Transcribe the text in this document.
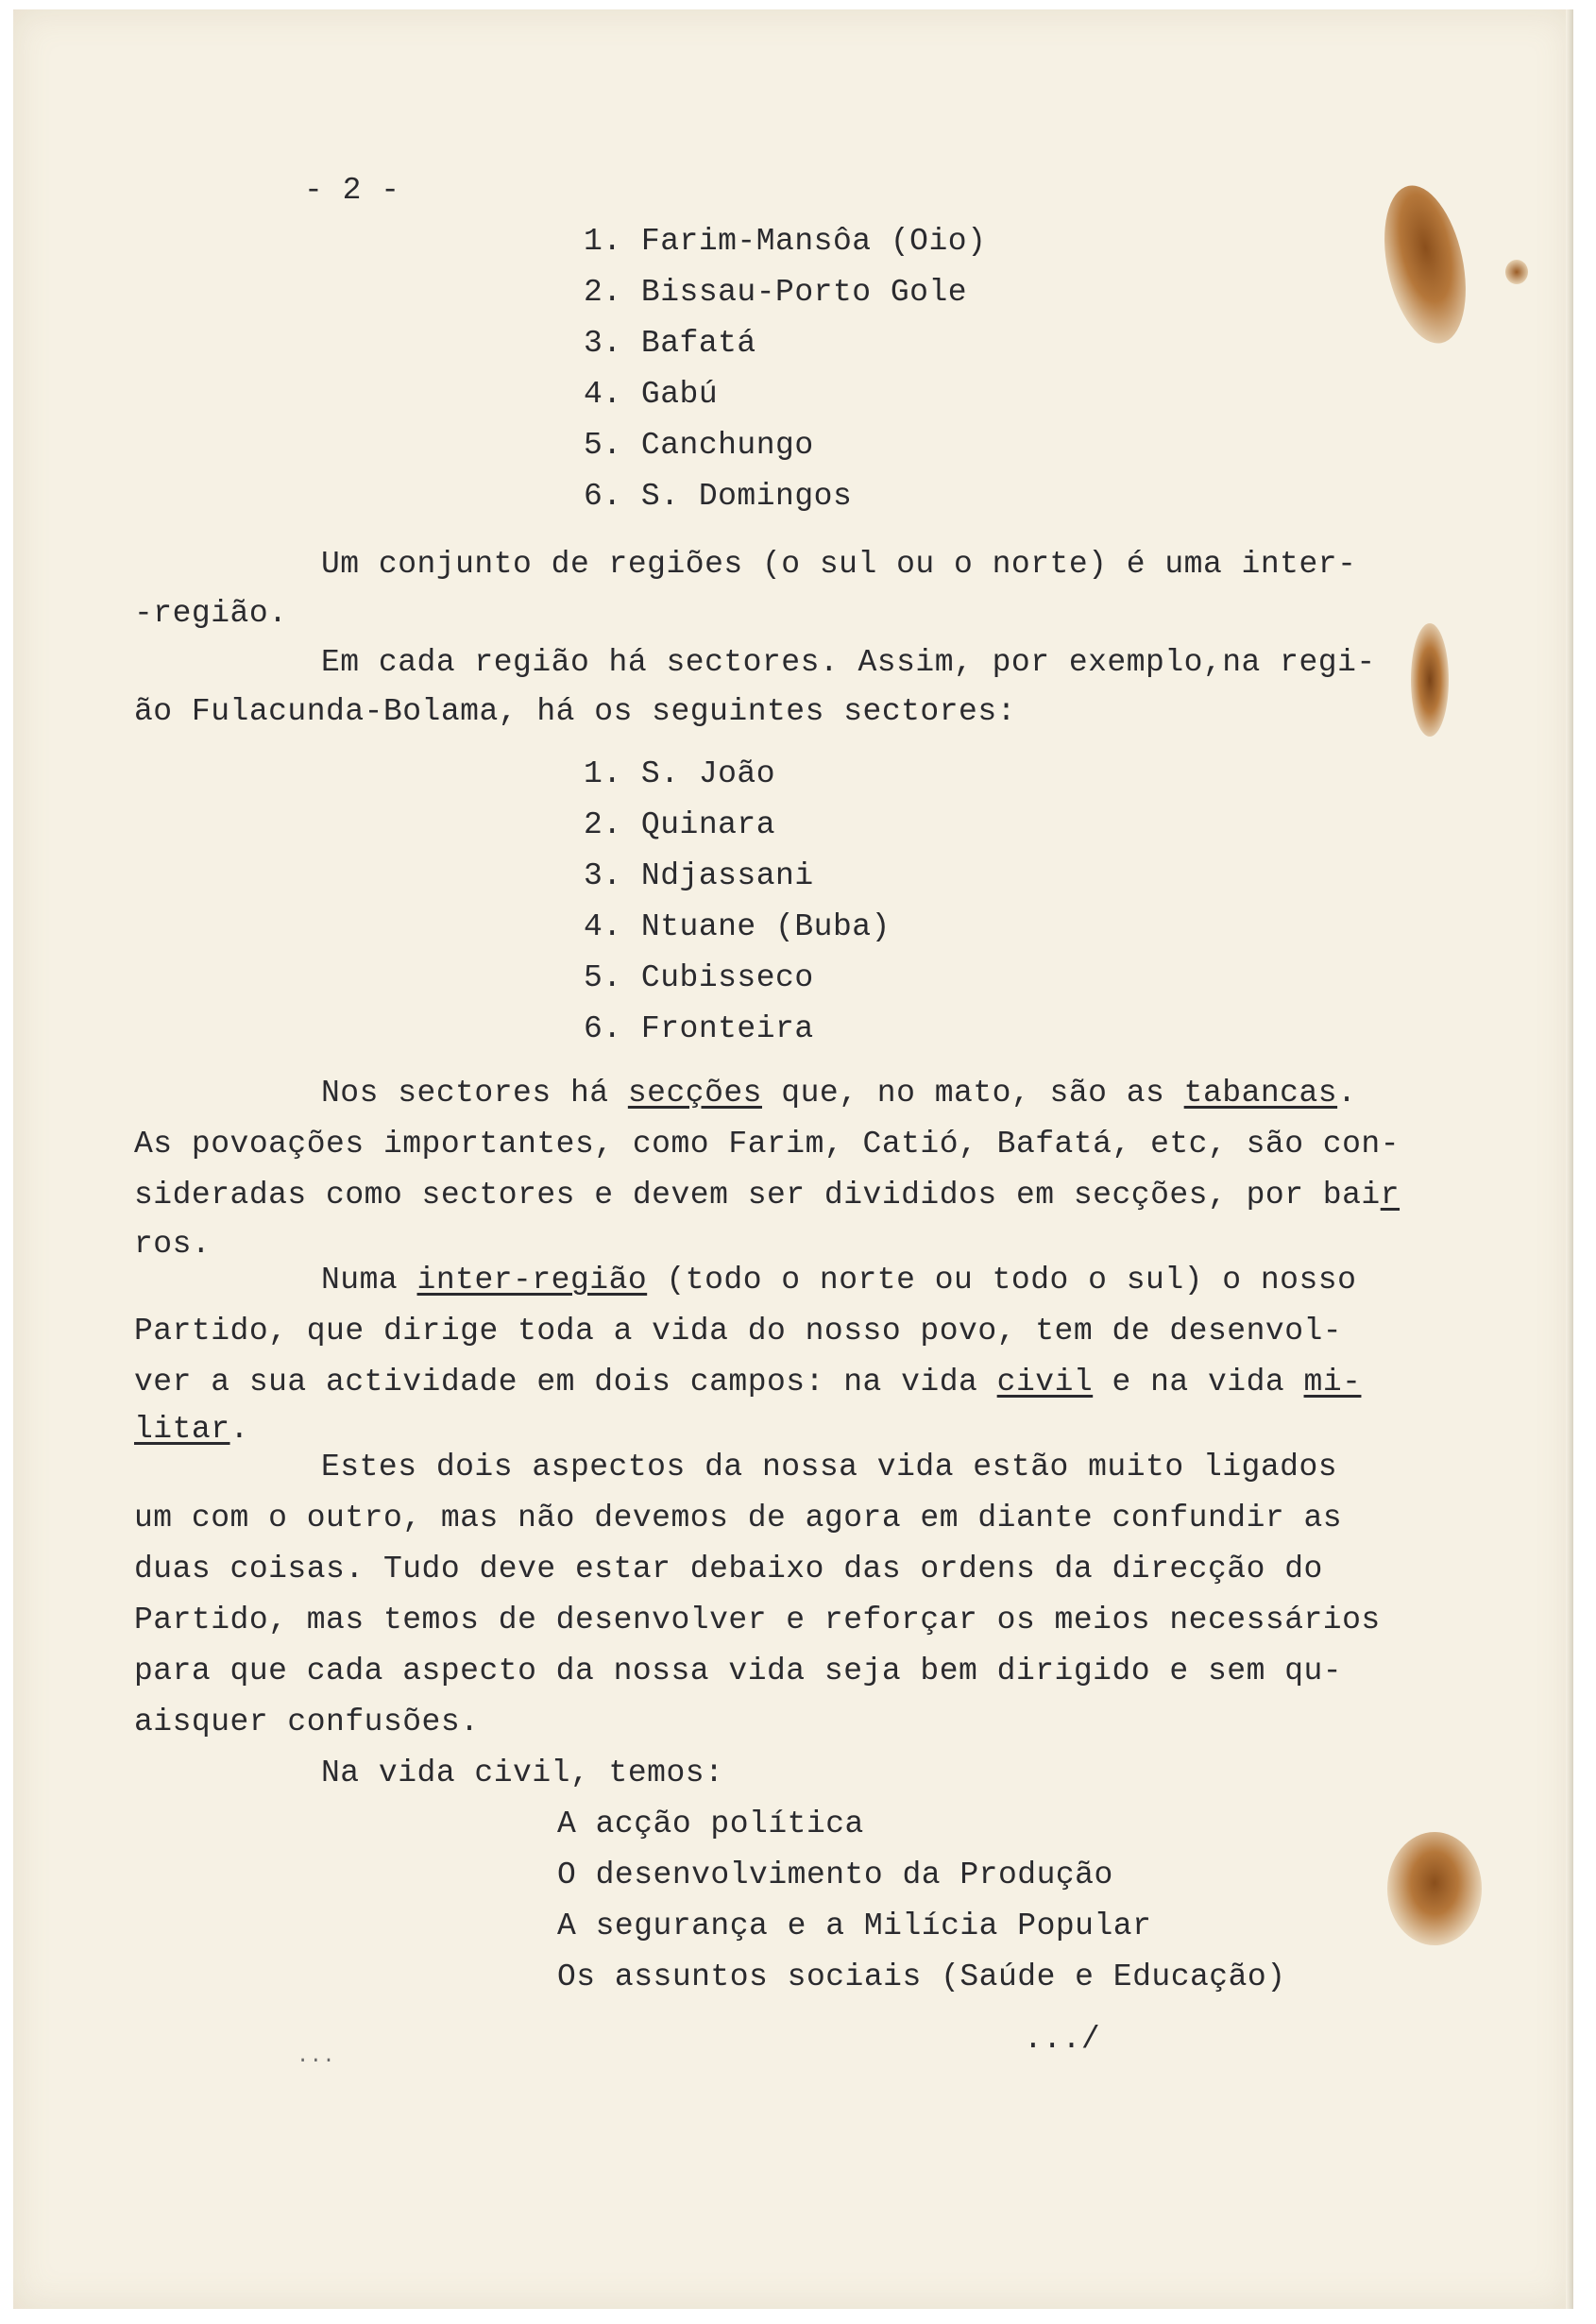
- 2 -
1. Farim-Mansôa (Oio)
2. Bissau-Porto Gole
3. Bafatá
4. Gabú
5. Canchungo
6. S. Domingos
Um conjunto de regiões (o sul ou o norte) é uma inter-
-região.
Em cada região há sectores. Assim, por exemplo,na regi-
ão Fulacunda-Bolama, há os seguintes sectores:
1. S. João
2. Quinara
3. Ndjassani
4. Ntuane (Buba)
5. Cubisseco
6. Fronteira
Nos sectores há secções que, no mato, são as tabancas.
As povoações importantes, como Farim, Catió, Bafatá, etc, são con-
sideradas como sectores e devem ser divididos em secções, por bair
ros.
Numa inter-região (todo o norte ou todo o sul) o nosso
Partido, que dirige toda a vida do nosso povo, tem de desenvol-
ver a sua actividade em dois campos: na vida civil e na vida mi-
litar.
Estes dois aspectos da nossa vida estão muito ligados
um com o outro, mas não devemos de agora em diante confundir as
duas coisas. Tudo deve estar debaixo das ordens da direcção do
Partido, mas temos de desenvolver e reforçar os meios necessários
para que cada aspecto da nossa vida seja bem dirigido e sem qu-
aisquer confusões.
Na vida civil, temos:
A acção política
O desenvolvimento da Produção
A segurança e a Milícia Popular
Os assuntos sociais (Saúde e Educação)
.../
...
